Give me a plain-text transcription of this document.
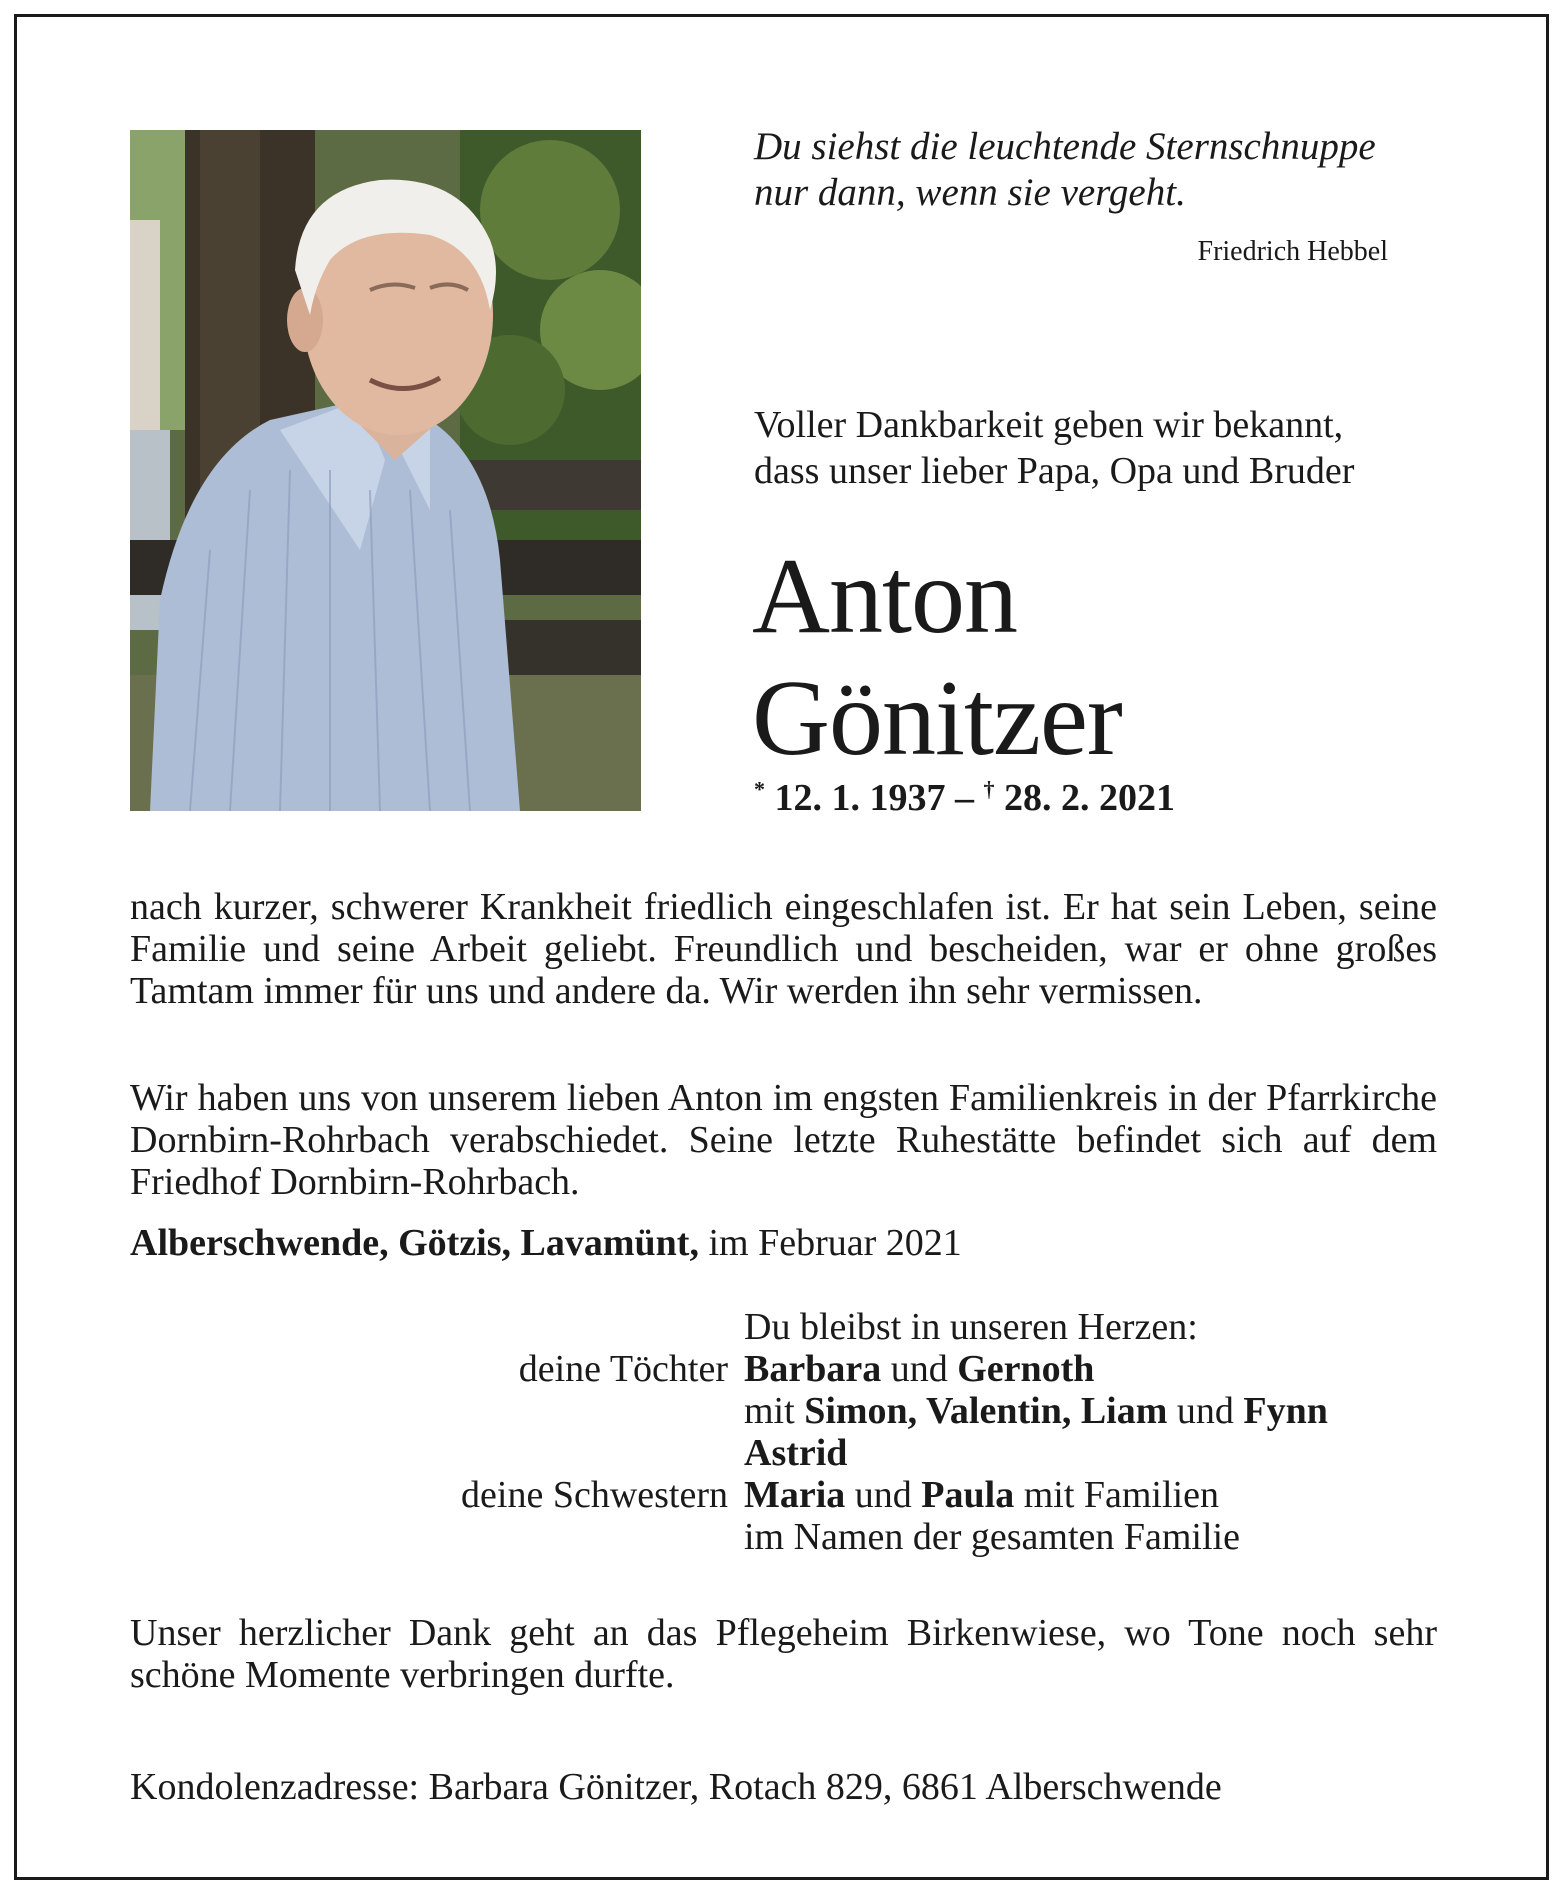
Du siehst die leuchtende Sternschnuppe
nur dann, wenn sie vergeht.
Friedrich Hebbel
Voller Dankbarkeit geben wir bekannt,
dass unser lieber Papa, Opa und Bruder
Anton
Gönitzer
* 12. 1. 1937 – † 28. 2. 2021
nach kurzer, schwerer Krankheit friedlich eingeschlafen ist. Er hat sein Leben, seine Familie und seine Arbeit geliebt. Freundlich und bescheiden, war er ohne großes Tamtam immer für uns und andere da. Wir werden ihn sehr vermissen.
Wir haben uns von unserem lieben Anton im engsten Familienkreis in der Pfarrkirche Dornbirn-Rohrbach verabschiedet. Seine letzte Ruhestätte befindet sich auf dem Friedhof Dornbirn-Rohrbach.
Alberschwende, Götzis, Lavamünt, im Februar 2021
Du bleibst in unseren Herzen:
deine Töchter Barbara und Gernoth
mit Simon, Valentin, Liam und Fynn
Astrid
deine Schwestern Maria und Paula mit Familien
im Namen der gesamten Familie
Unser herzlicher Dank geht an das Pflegeheim Birkenwiese, wo Tone noch sehr schöne Momente verbringen durfte.
Kondolenzadresse: Barbara Gönitzer, Rotach 829, 6861 Alberschwende
